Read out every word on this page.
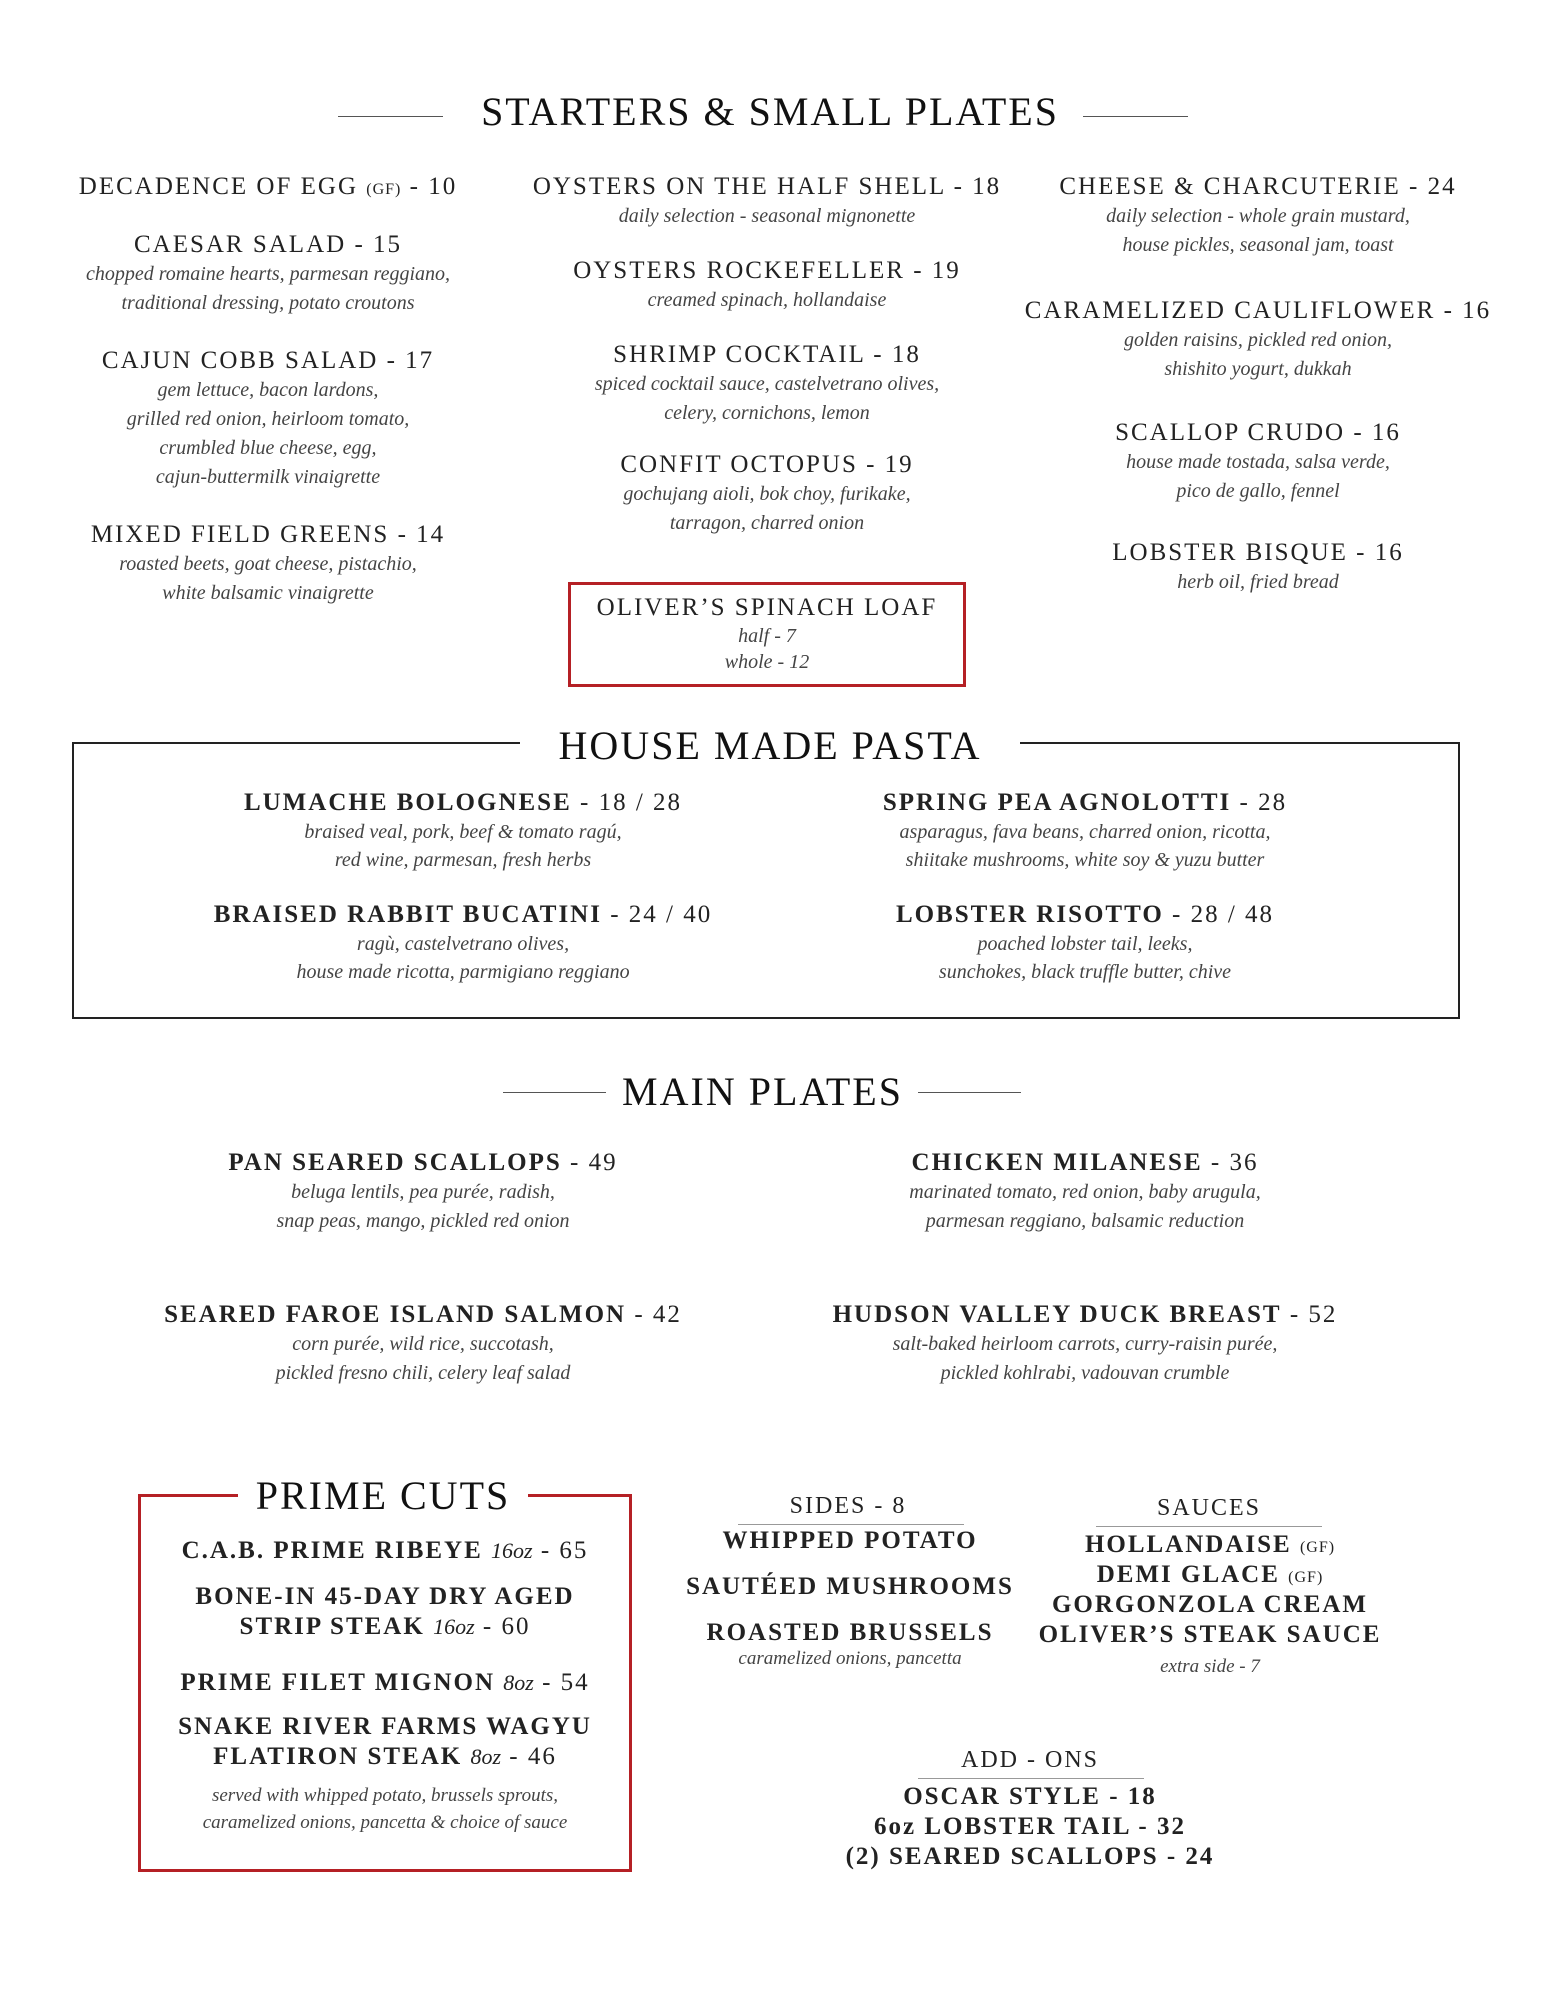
STARTERS & SMALL PLATES
DECADENCE OF EGG (GF) - 10
CAESAR SALAD - 15
chopped romaine hearts, parmesan reggiano,
traditional dressing, potato croutons
CAJUN COBB SALAD - 17
gem lettuce, bacon lardons,
grilled red onion, heirloom tomato,
crumbled blue cheese, egg,
cajun-buttermilk vinaigrette
MIXED FIELD GREENS - 14
roasted beets, goat cheese, pistachio,
white balsamic vinaigrette
OYSTERS ON THE HALF SHELL - 18
daily selection - seasonal mignonette
OYSTERS ROCKEFELLER - 19
creamed spinach, hollandaise
SHRIMP COCKTAIL - 18
spiced cocktail sauce, castelvetrano olives,
celery, cornichons, lemon
CONFIT OCTOPUS - 19
gochujang aioli, bok choy, furikake,
tarragon, charred onion
CHEESE & CHARCUTERIE - 24
daily selection - whole grain mustard,
house pickles, seasonal jam, toast
CARAMELIZED CAULIFLOWER - 16
golden raisins, pickled red onion,
shishito yogurt, dukkah
SCALLOP CRUDO - 16
house made tostada, salsa verde,
pico de gallo, fennel
LOBSTER BISQUE - 16
herb oil, fried bread
OLIVER’S SPINACH LOAF
half - 7
whole - 12
HOUSE MADE PASTA
LUMACHE BOLOGNESE - 18 / 28
braised veal, pork, beef & tomato ragú,
red wine, parmesan, fresh herbs
SPRING PEA AGNOLOTTI - 28
asparagus, fava beans, charred onion, ricotta,
shiitake mushrooms, white soy & yuzu butter
BRAISED RABBIT BUCATINI - 24 / 40
ragù, castelvetrano olives,
house made ricotta, parmigiano reggiano
LOBSTER RISOTTO - 28 / 48
poached lobster tail, leeks,
sunchokes, black truffle butter, chive
MAIN PLATES
PAN SEARED SCALLOPS - 49
beluga lentils, pea purée, radish,
snap peas, mango, pickled red onion
CHICKEN MILANESE - 36
marinated tomato, red onion, baby arugula,
parmesan reggiano, balsamic reduction
SEARED FAROE ISLAND SALMON - 42
corn purée, wild rice, succotash,
pickled fresno chili, celery leaf salad
HUDSON VALLEY DUCK BREAST - 52
salt-baked heirloom carrots, curry-raisin purée,
pickled kohlrabi, vadouvan crumble
PRIME CUTS
C.A.B. PRIME RIBEYE 16oz - 65
BONE-IN 45-DAY DRY AGED
STRIP STEAK 16oz - 60
PRIME FILET MIGNON 8oz - 54
SNAKE RIVER FARMS WAGYU
FLATIRON STEAK 8oz - 46
served with whipped potato, brussels sprouts,
caramelized onions, pancetta & choice of sauce
SIDES - 8
WHIPPED POTATO
SAUTÉED MUSHROOMS
ROASTED BRUSSELS
caramelized onions, pancetta
SAUCES
HOLLANDAISE (GF)
DEMI GLACE (GF)
GORGONZOLA CREAM
OLIVER’S STEAK SAUCE
extra side - 7
ADD - ONS
OSCAR STYLE - 18
6oz LOBSTER TAIL - 32
(2) SEARED SCALLOPS - 24
